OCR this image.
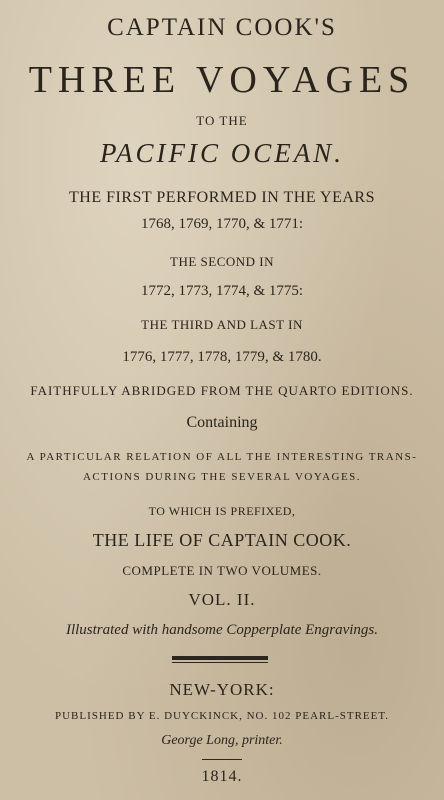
CAPTAIN COOK'S
THREE VOYAGES
TO THE
PACIFIC OCEAN.
THE FIRST PERFORMED IN THE YEARS
1768, 1769, 1770, & 1771:
THE SECOND IN
1772, 1773, 1774, & 1775:
THE THIRD AND LAST IN
1776, 1777, 1778, 1779, & 1780.
FAITHFULLY ABRIDGED FROM THE QUARTO EDITIONS.
Containing
A PARTICULAR RELATION OF ALL THE INTERESTING TRANS-
ACTIONS DURING THE SEVERAL VOYAGES.
TO WHICH IS PREFIXED,
THE LIFE OF CAPTAIN COOK.
COMPLETE IN TWO VOLUMES.
VOL. II.
Illustrated with handsome Copperplate Engravings.
NEW-YORK:
PUBLISHED BY E. DUYCKINCK, NO. 102 PEARL-STREET.
George Long, printer.
1814.
